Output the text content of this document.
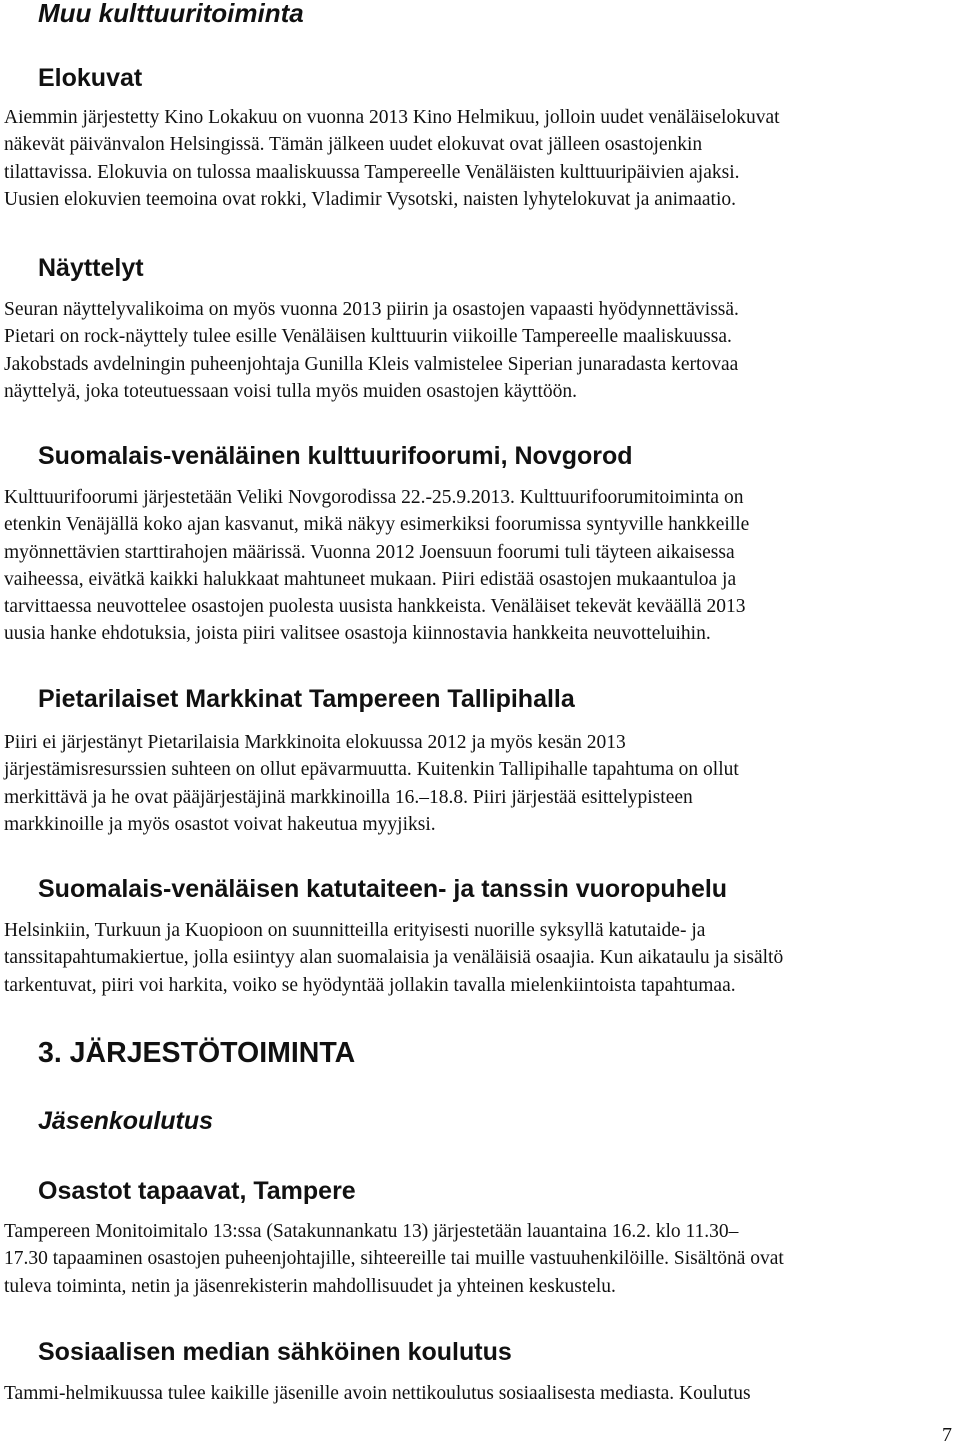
Muu kulttuuritoiminta
Elokuvat
Aiemmin järjestetty Kino Lokakuu on vuonna 2013 Kino Helmikuu, jolloin uudet venäläiselokuvat
näkevät päivänvalon Helsingissä. Tämän jälkeen uudet elokuvat ovat jälleen osastojenkin
tilattavissa. Elokuvia on tulossa maaliskuussa Tampereelle Venäläisten kulttuuripäivien ajaksi.
Uusien elokuvien teemoina ovat rokki, Vladimir Vysotski, naisten lyhytelokuvat ja animaatio.
Näyttelyt
Seuran näyttelyvalikoima on myös vuonna 2013 piirin ja osastojen vapaasti hyödynnettävissä.
Pietari on rock-näyttely tulee esille Venäläisen kulttuurin viikoille Tampereelle maaliskuussa.
Jakobstads avdelningin puheenjohtaja Gunilla Kleis valmistelee Siperian junaradasta kertovaa
näyttelyä, joka toteutuessaan voisi tulla myös muiden osastojen käyttöön.
Suomalais-venäläinen kulttuurifoorumi, Novgorod
Kulttuurifoorumi järjestetään Veliki Novgorodissa 22.-25.9.2013. Kulttuurifoorumitoiminta on
etenkin Venäjällä koko ajan kasvanut, mikä näkyy esimerkiksi foorumissa syntyville hankkeille
myönnettävien starttirahojen määrissä. Vuonna 2012 Joensuun foorumi tuli täyteen aikaisessa
vaiheessa, eivätkä kaikki halukkaat mahtuneet mukaan. Piiri edistää osastojen mukaantuloa ja
tarvittaessa neuvottelee osastojen puolesta uusista hankkeista. Venäläiset tekevät keväällä 2013
uusia hanke ehdotuksia, joista piiri valitsee osastoja kiinnostavia hankkeita neuvotteluihin.
Pietarilaiset Markkinat Tampereen Tallipihalla
Piiri ei järjestänyt Pietarilaisia Markkinoita elokuussa 2012 ja myös kesän 2013
järjestämisresurssien suhteen on ollut epävarmuutta. Kuitenkin Tallipihalle tapahtuma on ollut
merkittävä ja he ovat pääjärjestäjinä markkinoilla 16.–18.8. Piiri järjestää esittelypisteen
markkinoille ja myös osastot voivat hakeutua myyjiksi.
Suomalais-venäläisen katutaiteen- ja tanssin vuoropuhelu
Helsinkiin, Turkuun ja Kuopioon on suunnitteilla erityisesti nuorille syksyllä katutaide- ja
tanssitapahtumakiertue, jolla esiintyy alan suomalaisia ja venäläisiä osaajia. Kun aikataulu ja sisältö
tarkentuvat, piiri voi harkita, voiko se hyödyntää jollakin tavalla mielenkiintoista tapahtumaa.
3. JÄRJESTÖTOIMINTA
Jäsenkoulutus
Osastot tapaavat, Tampere
Tampereen Monitoimitalo 13:ssa (Satakunnankatu 13) järjestetään lauantaina 16.2. klo 11.30–
17.30 tapaaminen osastojen puheenjohtajille, sihteereille tai muille vastuuhenkilöille. Sisältönä ovat
tuleva toiminta, netin ja jäsenrekisterin mahdollisuudet ja yhteinen keskustelu.
Sosiaalisen median sähköinen koulutus
Tammi-helmikuussa tulee kaikille jäsenille avoin nettikoulutus sosiaalisesta mediasta. Koulutus
7
